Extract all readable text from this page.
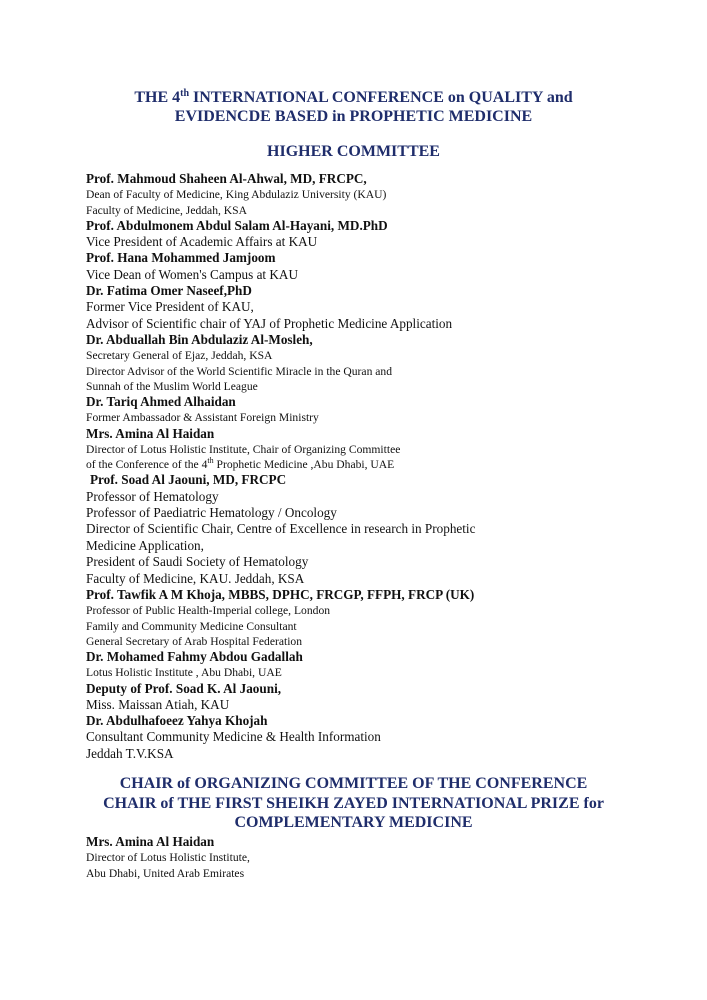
THE 4th INTERNATIONAL CONFERENCE on QUALITY and
EVIDENCDE BASED in PROPHETIC MEDICINE
HIGHER COMMITTEE
Prof. Mahmoud Shaheen Al-Ahwal, MD, FRCPC,
Dean of Faculty of Medicine, King Abdulaziz University (KAU)
Faculty of Medicine, Jeddah, KSA
Prof. Abdulmonem Abdul Salam Al-Hayani, MD.PhD
Vice President of Academic Affairs at KAU
Prof. Hana Mohammed Jamjoom
Vice Dean of Women's Campus at KAU
Dr. Fatima Omer Naseef,PhD
Former Vice President of KAU,
Advisor of Scientific chair of YAJ of Prophetic Medicine Application
Dr. Abduallah Bin Abdulaziz Al-Mosleh,
Secretary General of Ejaz, Jeddah, KSA
Director Advisor of the World Scientific Miracle in the Quran and
Sunnah of the Muslim World League
Dr. Tariq Ahmed Alhaidan
Former Ambassador & Assistant Foreign Ministry
Mrs. Amina Al Haidan
Director of Lotus Holistic Institute, Chair of Organizing Committee
of the Conference of the 4th Prophetic Medicine ,Abu Dhabi, UAE
Prof. Soad Al Jaouni, MD, FRCPC
Professor of Hematology
Professor of Paediatric Hematology / Oncology
Director of Scientific Chair, Centre of Excellence in research in Prophetic
Medicine Application,
President of Saudi Society of Hematology
Faculty of Medicine, KAU. Jeddah, KSA
Prof. Tawfik A M Khoja, MBBS, DPHC, FRCGP, FFPH, FRCP (UK)
Professor of Public Health-Imperial college, London
Family and Community Medicine Consultant
General Secretary of Arab Hospital Federation
Dr. Mohamed Fahmy Abdou Gadallah
Lotus Holistic Institute , Abu Dhabi, UAE
Deputy of Prof. Soad K. Al Jaouni,
Miss. Maissan Atiah, KAU
Dr. Abdulhafoeez Yahya Khojah
Consultant Community Medicine & Health Information
Jeddah T.V.KSA
CHAIR of ORGANIZING COMMITTEE OF THE CONFERENCE
CHAIR of THE FIRST SHEIKH ZAYED INTERNATIONAL PRIZE for
COMPLEMENTARY MEDICINE
Mrs. Amina Al Haidan
Director of Lotus Holistic Institute,
Abu Dhabi, United Arab Emirates
